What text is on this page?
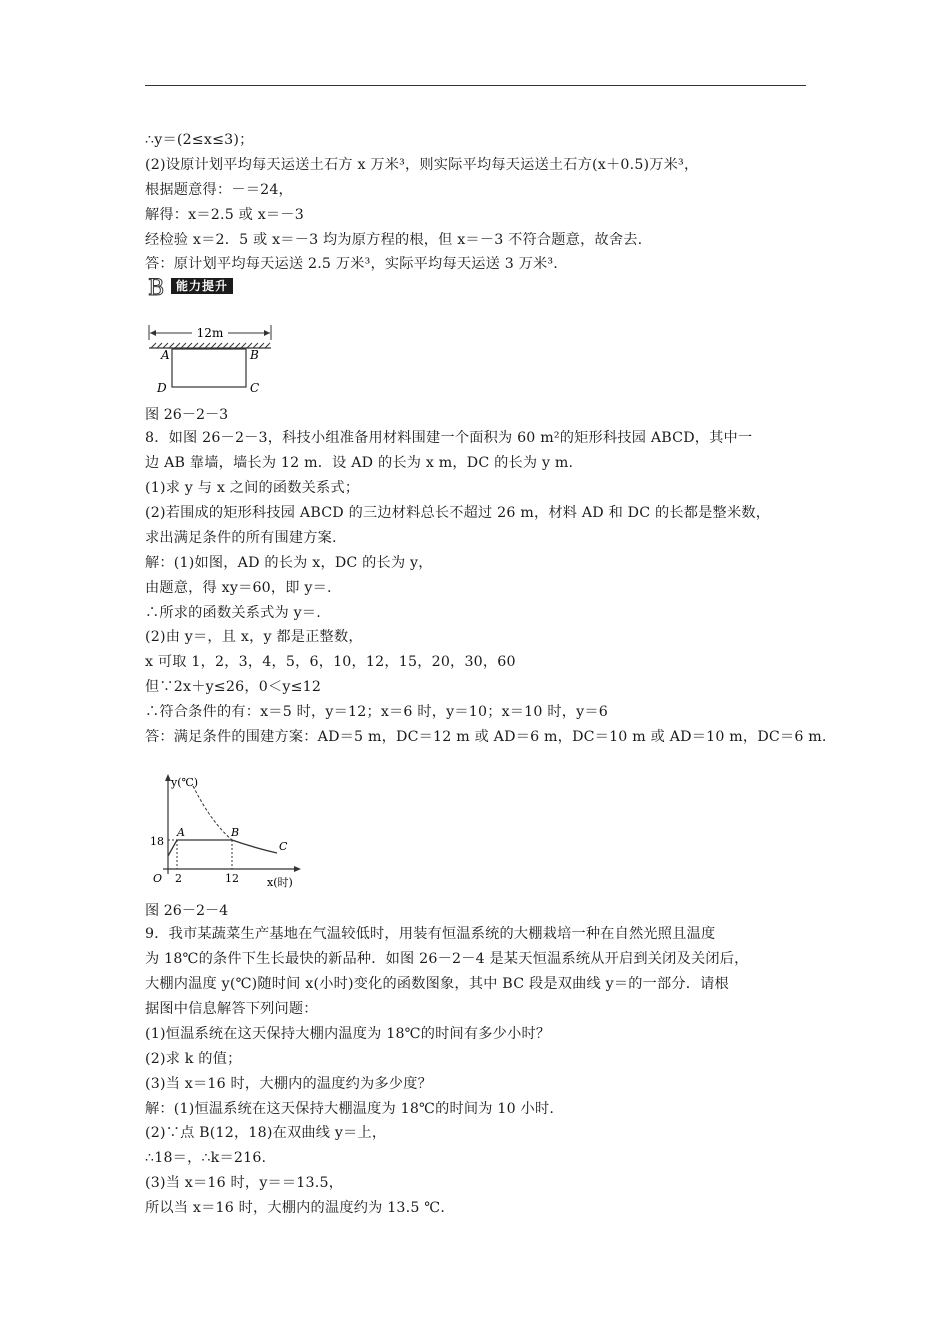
∴y＝(2≤x≤3)；
(2)设原计划平均每天运送土石方 x 万米³，则实际平均每天运送土石方(x＋0.5)万米³，
根据题意得：－＝24，
解得：x＝2.5 或 x＝－3
经检验 x＝2．5 或 x＝－3 均为原方程的根，但 x＝－3 不符合题意，故舍去.
答：原计划平均每天运送 2.5 万米³，实际平均每天运送 3 万米³.
B 能力提升
12m
A	B
C
D
图 26－2－3
8．如图 26－2－3，科技小组准备用材料围建一个面积为 60 m²的矩形科技园 ABCD，其中一
边 AB 靠墙，墙长为 12 m．设 AD 的长为 x m，DC 的长为 y m.
(1)求 y 与 x 之间的函数关系式；
(2)若围成的矩形科技园 ABCD 的三边材料总长不超过 26 m，材料 AD 和 DC 的长都是整米数，
求出满足条件的所有围建方案.
解：(1)如图，AD 的长为 x，DC 的长为 y，
由题意，得 xy＝60，即 y＝.
∴所求的函数关系式为 y＝.
(2)由 y＝，且 x，y 都是正整数，
x 可取 1，2，3，4，5，6，10，12，15，20，30，60
但∵2x＋y≤26，0＜y≤12
∴符合条件的有：x＝5 时，y＝12；x＝6 时，y＝10；x＝10 时，y＝6
答：满足条件的围建方案：AD＝5 m，DC＝12 m 或 AD＝6 m，DC＝10 m 或 AD＝10 m，DC＝6 m.
y(℃)
x(时)
O
18
2	12
A	B
C
图 26－2－4
9．我市某蔬菜生产基地在气温较低时，用装有恒温系统的大棚栽培一种在自然光照且温度
为 18℃的条件下生长最快的新品种．如图 26－2－4 是某天恒温系统从开启到关闭及关闭后，
大棚内温度 y(℃)随时间 x(小时)变化的函数图象，其中 BC 段是双曲线 y＝的一部分．请根
据图中信息解答下列问题：
(1)恒温系统在这天保持大棚内温度为 18℃的时间有多少小时？
(2)求 k 的值；
(3)当 x＝16 时，大棚内的温度约为多少度？
解：(1)恒温系统在这天保持大棚温度为 18℃的时间为 10 小时.
(2)∵点 B(12，18)在双曲线 y＝上，
∴18＝，∴k＝216.
(3)当 x＝16 时，y＝＝13.5，
所以当 x＝16 时，大棚内的温度约为 13.5 ℃.
